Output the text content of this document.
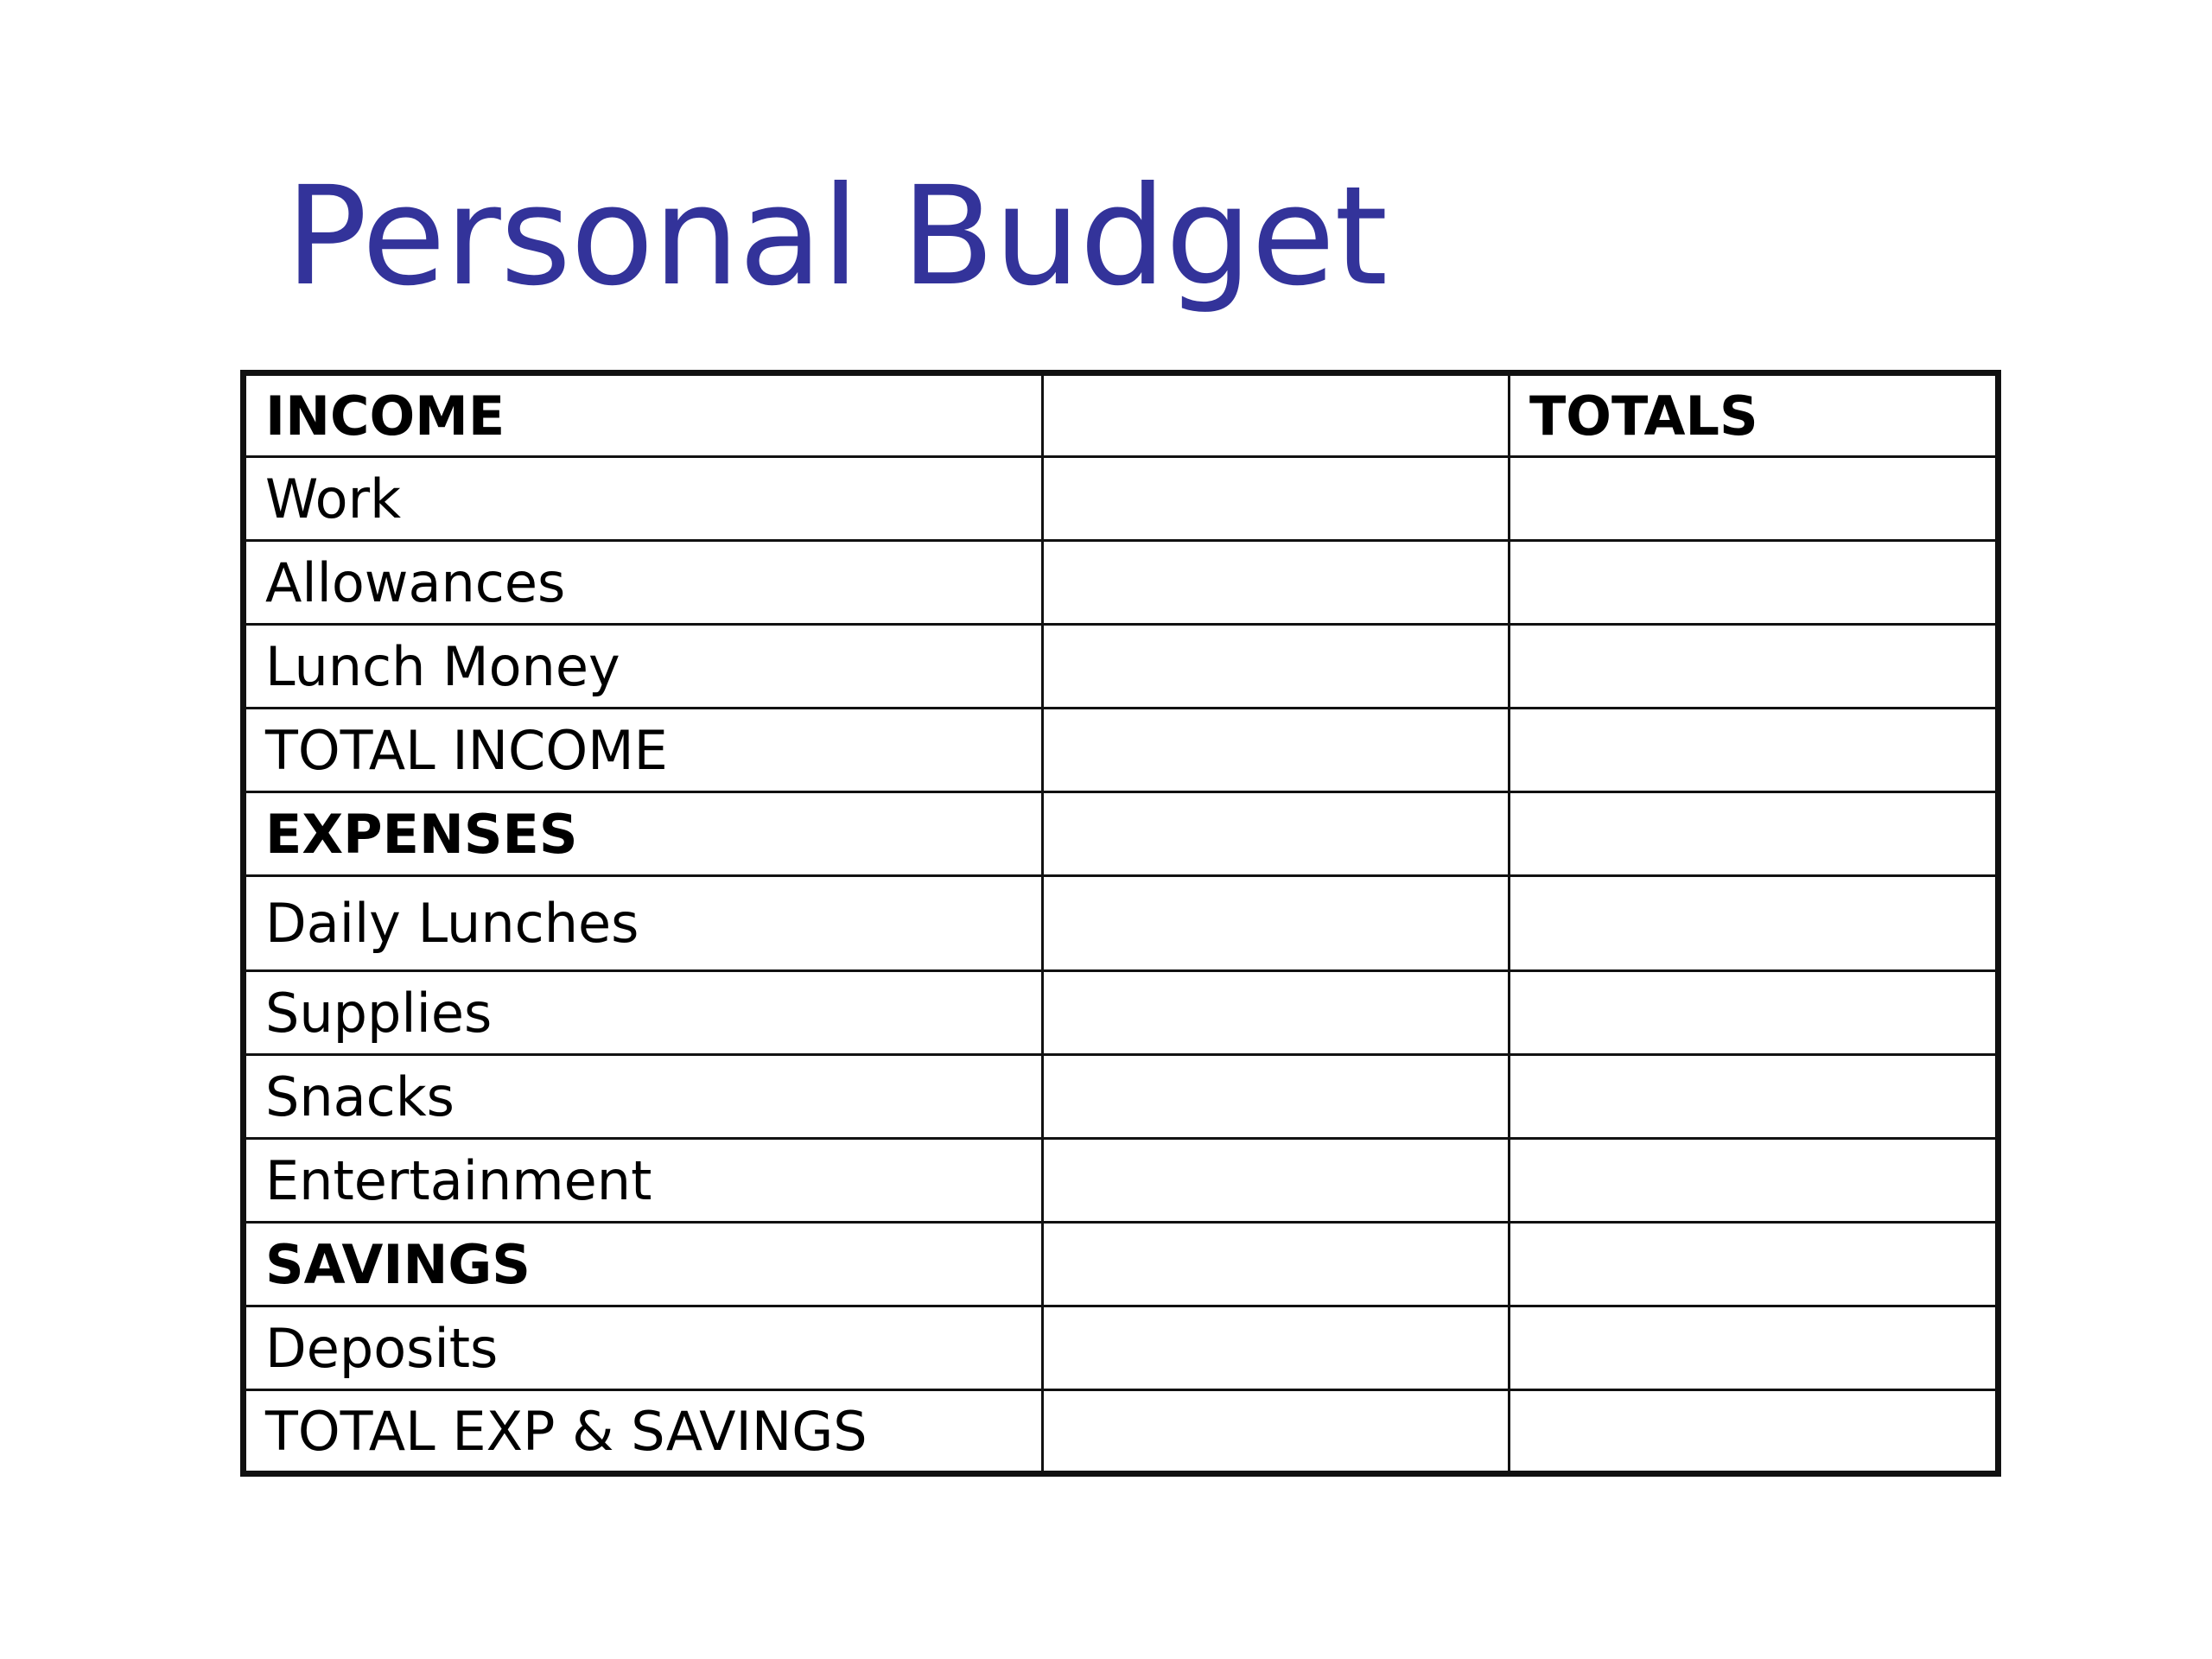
Personal Budget
INCOME		TOTALS
Work		
Allowances		
Lunch Money		
TOTAL INCOME		
EXPENSES		
Daily Lunches		
Supplies		
Snacks		
Entertainment		
SAVINGS		
Deposits		
TOTAL EXP & SAVINGS		
